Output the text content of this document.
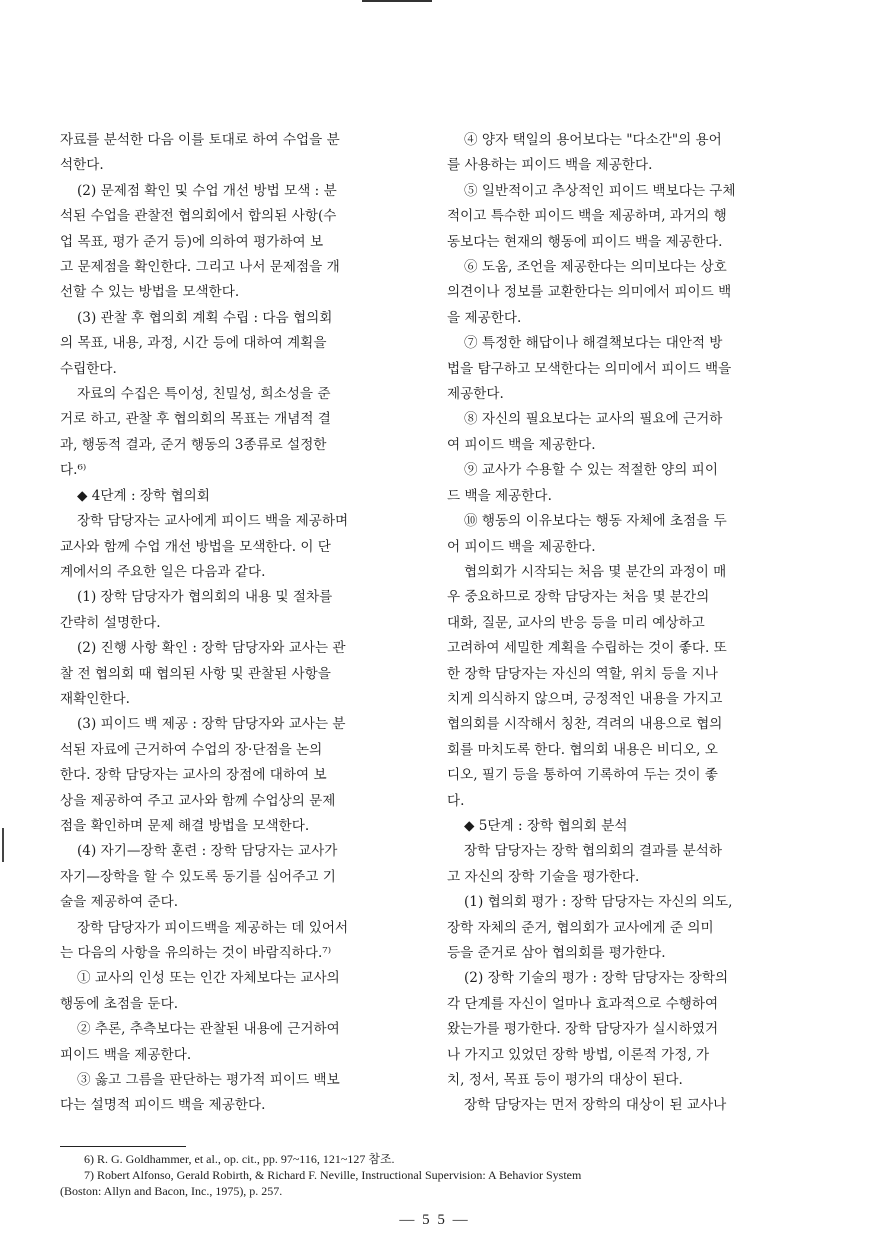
자료를 분석한 다음 이를 토대로 하여 수업을 분

석한다.

(2) 문제점 확인 및 수업 개선 방법 모색 : 분

석된 수업을 관찰전 협의회에서 합의된 사항(수

업 목표, 평가 준거 등)에 의하여 평가하여 보

고 문제점을 확인한다. 그리고 나서 문제점을 개

선할 수 있는 방법을 모색한다.

(3) 관찰 후 협의회 계획 수립 : 다음 협의회

의 목표, 내용, 과정, 시간 등에 대하여 계획을

수립한다.

자료의 수집은 특이성, 친밀성, 희소성을 준

거로 하고, 관찰 후 협의회의 목표는 개념적 결

과, 행동적 결과, 준거 행동의 3종류로 설정한

다.⁶⁾

◆ 4단계 : 장학 협의회

장학 담당자는 교사에게 피이드 백을 제공하며

교사와 함께 수업 개선 방법을 모색한다. 이 단

계에서의 주요한 일은 다음과 같다.

(1) 장학 담당자가 협의회의 내용 및 절차를

간략히 설명한다.

(2) 진행 사항 확인 : 장학 담당자와 교사는 관

찰 전 협의회 때 협의된 사항 및 관찰된 사항을

재확인한다.

(3) 피이드 백 제공 : 장학 담당자와 교사는 분

석된 자료에 근거하여 수업의 장·단점을 논의

한다. 장학 담당자는 교사의 장점에 대하여 보

상을 제공하여 주고 교사와 함께 수업상의 문제

점을 확인하며 문제 해결 방법을 모색한다.

(4) 자기—장학 훈련 : 장학 담당자는 교사가

자기—장학을 할 수 있도록 동기를 심어주고 기

술을 제공하여 준다.

장학 담당자가 피이드백을 제공하는 데 있어서

는 다음의 사항을 유의하는 것이 바람직하다.⁷⁾

① 교사의 인성 또는 인간 자체보다는 교사의

행동에 초점을 둔다.

② 추론, 추측보다는 관찰된 내용에 근거하여

피이드 백을 제공한다.

③ 옳고 그름을 판단하는 평가적 피이드 백보

다는 설명적 피이드 백을 제공한다.

④ 양자 택일의 용어보다는 "다소간"의 용어

를 사용하는 피이드 백을 제공한다.

⑤ 일반적이고 추상적인 피이드 백보다는 구체

적이고 특수한 피이드 백을 제공하며, 과거의 행

동보다는 현재의 행동에 피이드 백을 제공한다.

⑥ 도움, 조언을 제공한다는 의미보다는 상호

의견이나 정보를 교환한다는 의미에서 피이드 백

을 제공한다.

⑦ 특정한 해답이나 해결책보다는 대안적 방

법을 탐구하고 모색한다는 의미에서 피이드 백을

제공한다.

⑧ 자신의 필요보다는 교사의 필요에 근거하

여 피이드 백을 제공한다.

⑨ 교사가 수용할 수 있는 적절한 양의 피이

드 백을 제공한다.

⑩ 행동의 이유보다는 행동 자체에 초점을 두

어 피이드 백을 제공한다.

협의회가 시작되는 처음 몇 분간의 과정이 매

우 중요하므로 장학 담당자는 처음 몇 분간의

대화, 질문, 교사의 반응 등을 미리 예상하고

고려하여 세밀한 계획을 수립하는 것이 좋다. 또

한 장학 담당자는 자신의 역할, 위치 등을 지나

치게 의식하지 않으며, 긍정적인 내용을 가지고

협의회를 시작해서 칭찬, 격려의 내용으로 협의

회를 마치도록 한다. 협의회 내용은 비디오, 오

디오, 필기 등을 통하여 기록하여 두는 것이 좋

다.

◆ 5단계 : 장학 협의회 분석

장학 담당자는 장학 협의회의 결과를 분석하

고 자신의 장학 기술을 평가한다.

(1) 협의회 평가 : 장학 담당자는 자신의 의도,

장학 자체의 준거, 협의회가 교사에게 준 의미

등을 준거로 삼아 협의회를 평가한다.

(2) 장학 기술의 평가 : 장학 담당자는 장학의

각 단계를 자신이 얼마나 효과적으로 수행하여

왔는가를 평가한다. 장학 담당자가 실시하였거

나 가지고 있었던 장학 방법, 이론적 가정, 가

치, 정서, 목표 등이 평가의 대상이 된다.

장학 담당자는 먼저 장학의 대상이 된 교사나

6) R. G. Goldhammer, et al., op. cit., pp. 97~116, 121~127 참조.

7) Robert Alfonso, Gerald Robirth, & Richard F. Neville, Instructional Supervision: A Behavior System

(Boston: Allyn and Bacon, Inc., 1975), p. 257.

— 5 5 —
